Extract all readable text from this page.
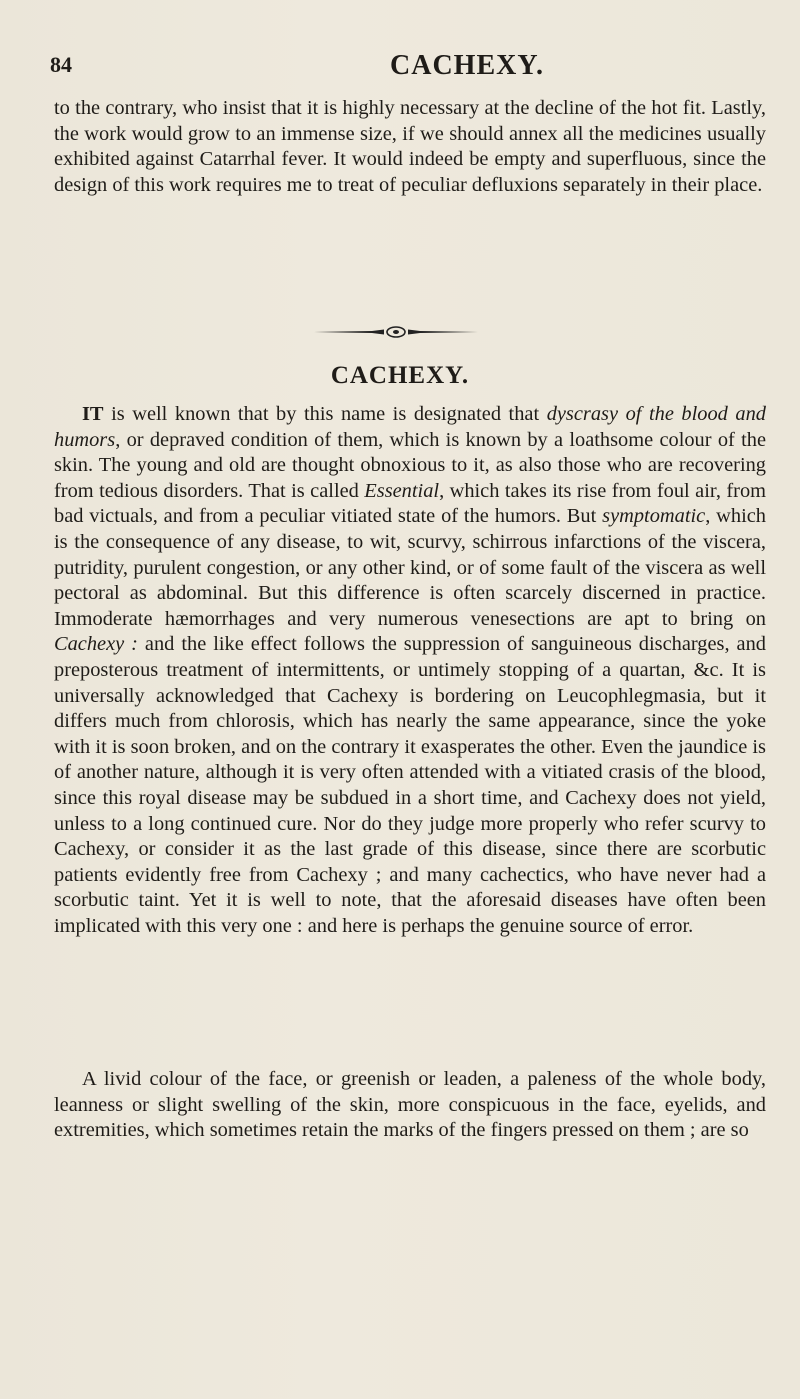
84	CACHEXY.

to the contrary, who insist that it is highly necessary at the decline of the hot fit. Lastly, the work would grow to an immense size, if we should annex all the medicines usually exhibited against Catarrhal fever. It would indeed be empty and superfluous, since the design of this work requires me to treat of peculiar defluxions separately in their place.

CACHEXY.

IT is well known that by this name is designated that dyscrasy of the blood and humors, or depraved condition of them, which is known by a loathsome colour of the skin. The young and old are thought obnoxious to it, as also those who are recovering from tedious disorders. That is called Essential, which takes its rise from foul air, from bad victuals, and from a peculiar vitiated state of the humors. But symptomatic, which is the consequence of any disease, to wit, scurvy, schirrous infarctions of the viscera, putridity, purulent congestion, or any other kind, or of some fault of the viscera as well pectoral as abdominal. But this difference is often scarcely discerned in practice. Immoderate hæmorrhages and very numerous venesections are apt to bring on Cachexy : and the like effect follows the suppression of sanguineous discharges, and preposterous treatment of intermittents, or untimely stopping of a quartan, &c. It is universally acknowledged that Cachexy is bordering on Leucophlegmasia, but it differs much from chlorosis, which has nearly the same appearance, since the yoke with it is soon broken, and on the contrary it exasperates the other. Even the jaundice is of another nature, although it is very often attended with a vitiated crasis of the blood, since this royal disease may be subdued in a short time, and Cachexy does not yield, unless to a long continued cure. Nor do they judge more properly who refer scurvy to Cachexy, or consider it as the last grade of this disease, since there are scorbutic patients evidently free from Cachexy ; and many cachectics, who have never had a scorbutic taint. Yet it is well to note, that the aforesaid diseases have often been implicated with this very one : and here is perhaps the genuine source of error.

A livid colour of the face, or greenish or leaden, a paleness of the whole body, leanness or slight swelling of the skin, more conspicuous in the face, eyelids, and extremities, which sometimes retain the marks of the fingers pressed on them ; are so
